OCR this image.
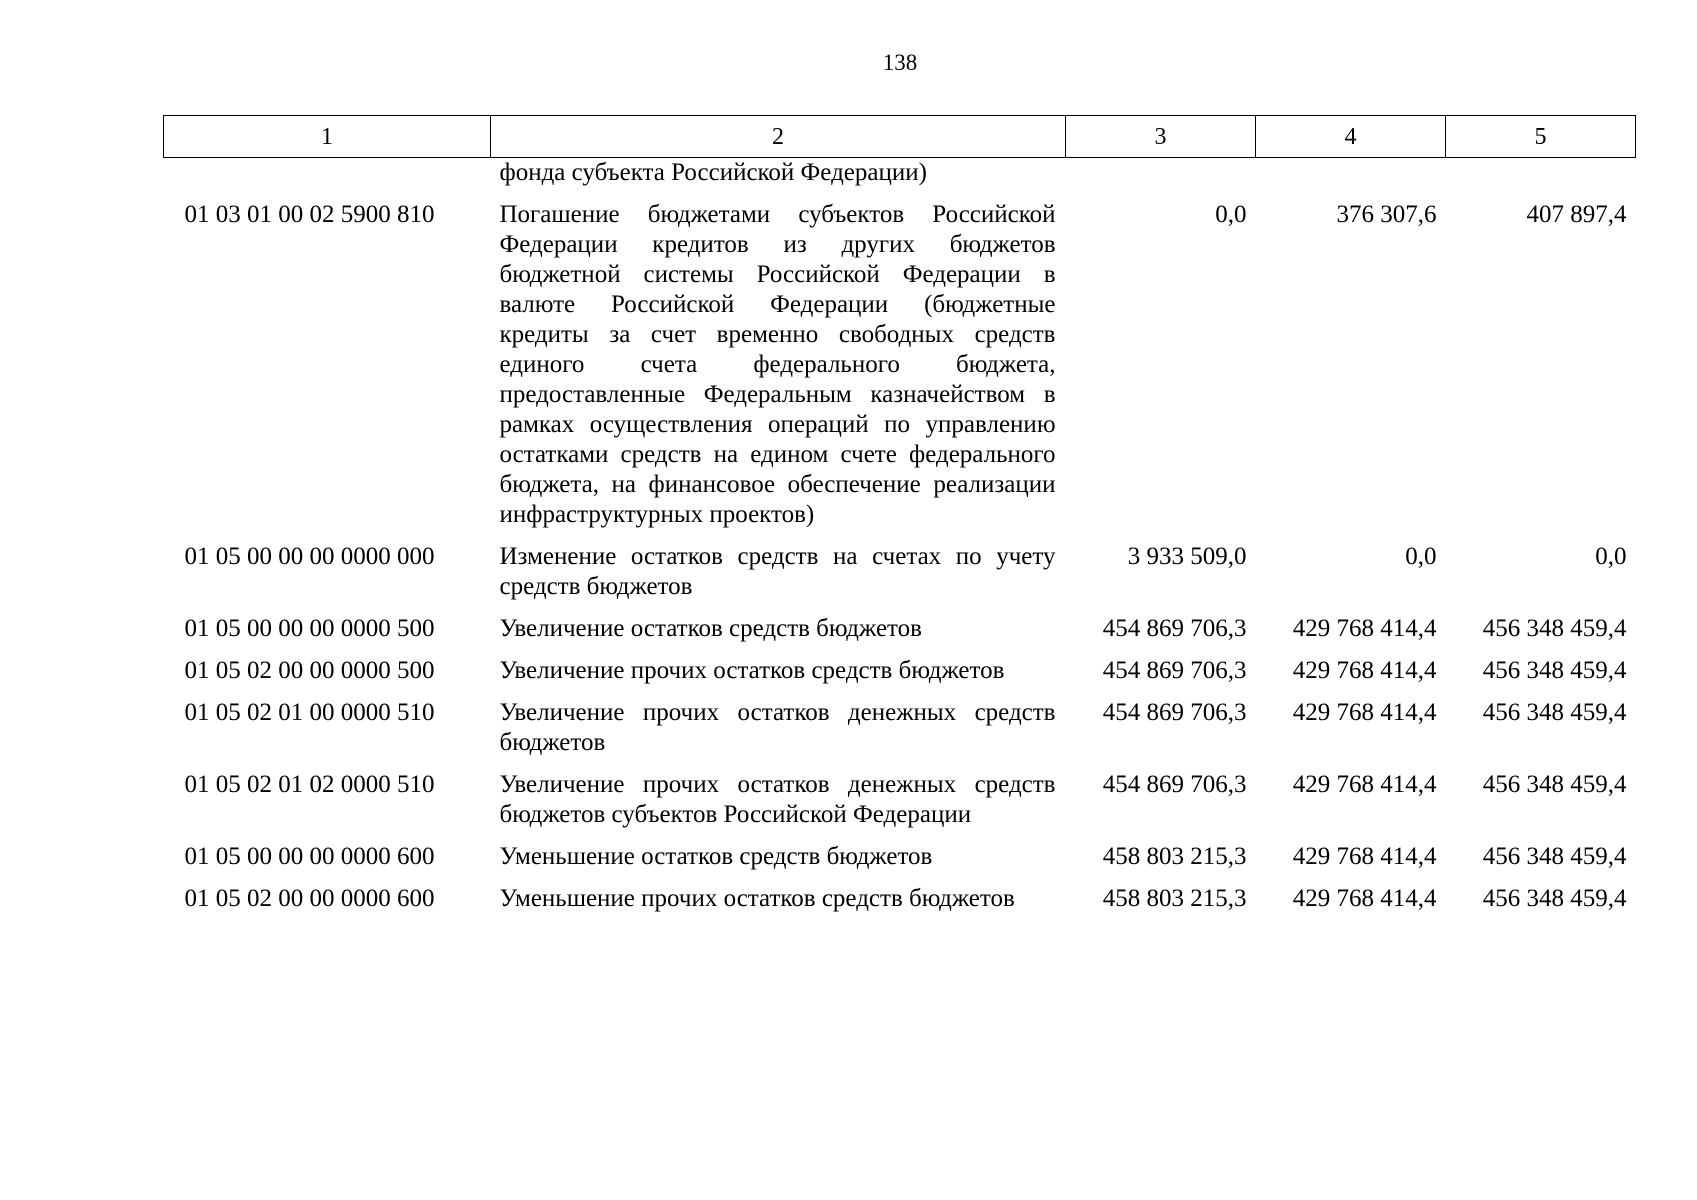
138
1	2	3	4	5
	фонда субъекта Российской Федерации)			
01 03 01 00 02 5900 810	Погашение бюджетами субъектов Российской Федерации кредитов из других бюджетов бюджетной системы Российской Федерации в валюте Российской Федерации (бюджетные кредиты за счет временно свободных средств единого счета федерального бюджета, предоставленные Федеральным казначейством в рамках осуществления операций по управлению остатками средств на едином счете федерального бюджета, на финансовое обеспечение реализации инфраструктурных проектов)	0,0	376 307,6	407 897,4
01 05 00 00 00 0000 000	Изменение остатков средств на счетах по учету средств бюджетов	3 933 509,0	0,0	0,0
01 05 00 00 00 0000 500	Увеличение остатков средств бюджетов	454 869 706,3	429 768 414,4	456 348 459,4
01 05 02 00 00 0000 500	Увеличение прочих остатков средств бюджетов	454 869 706,3	429 768 414,4	456 348 459,4
01 05 02 01 00 0000 510	Увеличение прочих остатков денежных средств бюджетов	454 869 706,3	429 768 414,4	456 348 459,4
01 05 02 01 02 0000 510	Увеличение прочих остатков денежных средств бюджетов субъектов Российской Федерации	454 869 706,3	429 768 414,4	456 348 459,4
01 05 00 00 00 0000 600	Уменьшение остатков средств бюджетов	458 803 215,3	429 768 414,4	456 348 459,4
01 05 02 00 00 0000 600	Уменьшение прочих остатков средств бюджетов	458 803 215,3	429 768 414,4	456 348 459,4
